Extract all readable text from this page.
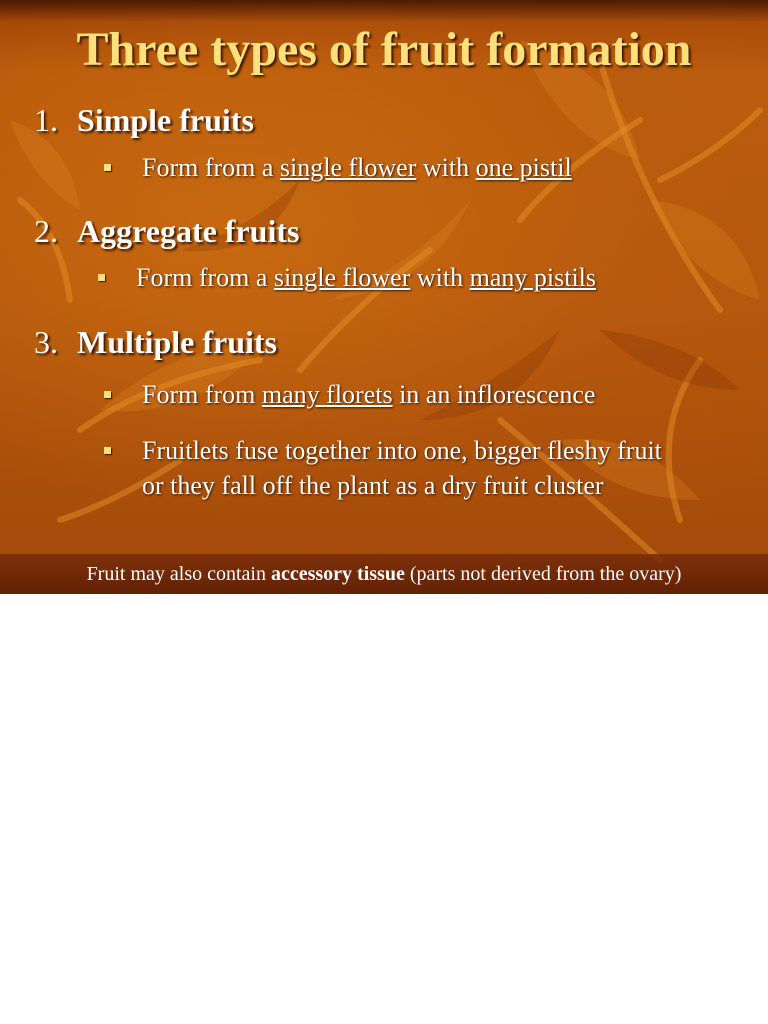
Three types of fruit formation
1. Simple fruits
Form from a single flower with one pistil
2. Aggregate fruits
Form from a single flower with many pistils
3. Multiple fruits
Form from many florets in an inflorescence
Fruitlets fuse together into one, bigger fleshy fruit
or they fall off the plant as a dry fruit cluster
Fruit may also contain accessory tissue (parts not derived from the ovary)
